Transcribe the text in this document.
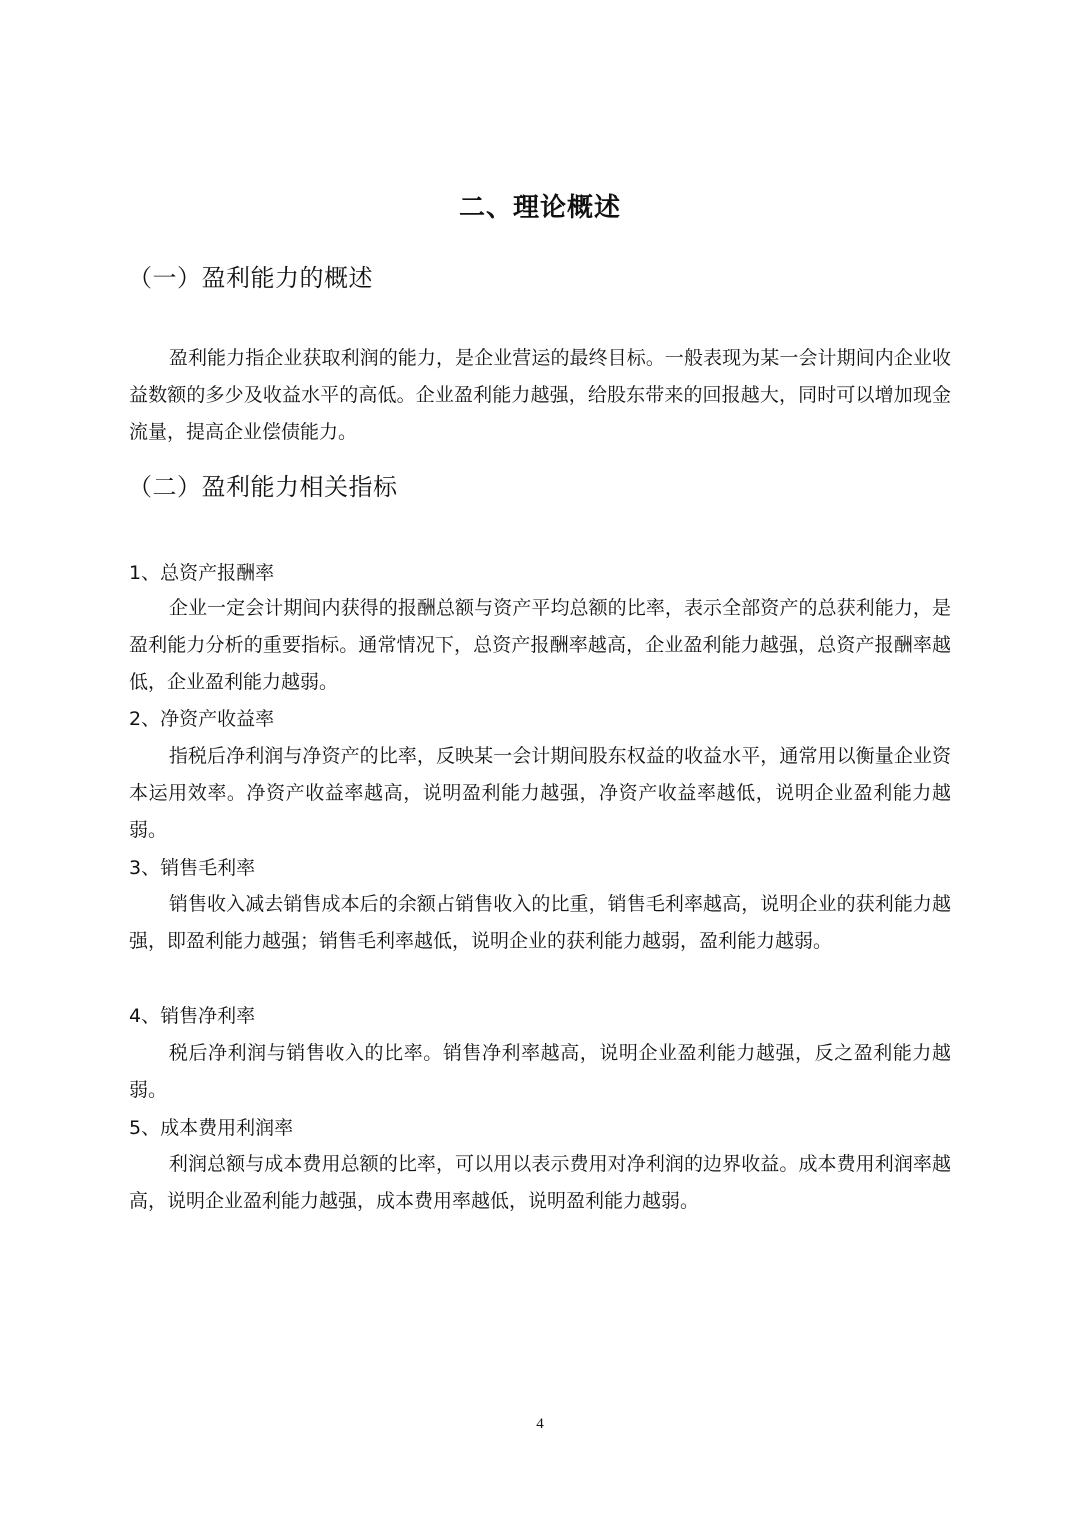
二、理论概述
（一）盈利能力的概述

盈利能力指企业获取利润的能力，是企业营运的最终目标。一般表现为某一会计期间内企业收益数额的多少及收益水平的高低。企业盈利能力越强，给股东带来的回报越大，同时可以增加现金流量，提高企业偿债能力。

（二）盈利能力相关指标
1、总资产报酬率

企业一定会计期间内获得的报酬总额与资产平均总额的比率，表示全部资产的总获利能力，是盈利能力分析的重要指标。通常情况下，总资产报酬率越高，企业盈利能力越强，总资产报酬率越低，企业盈利能力越弱。

2、净资产收益率

指税后净利润与净资产的比率，反映某一会计期间股东权益的收益水平，通常用以衡量企业资本运用效率。净资产收益率越高，说明盈利能力越强，净资产收益率越低，说明企业盈利能力越弱。

3、销售毛利率

销售收入减去销售成本后的余额占销售收入的比重，销售毛利率越高，说明企业的获利能力越强，即盈利能力越强；销售毛利率越低，说明企业的获利能力越弱，盈利能力越弱。

4、销售净利率

税后净利润与销售收入的比率。销售净利率越高，说明企业盈利能力越强，反之盈利能力越弱。

5、成本费用利润率

利润总额与成本费用总额的比率，可以用以表示费用对净利润的边界收益。成本费用利润率越高，说明企业盈利能力越强，成本费用率越低，说明盈利能力越弱。

4
